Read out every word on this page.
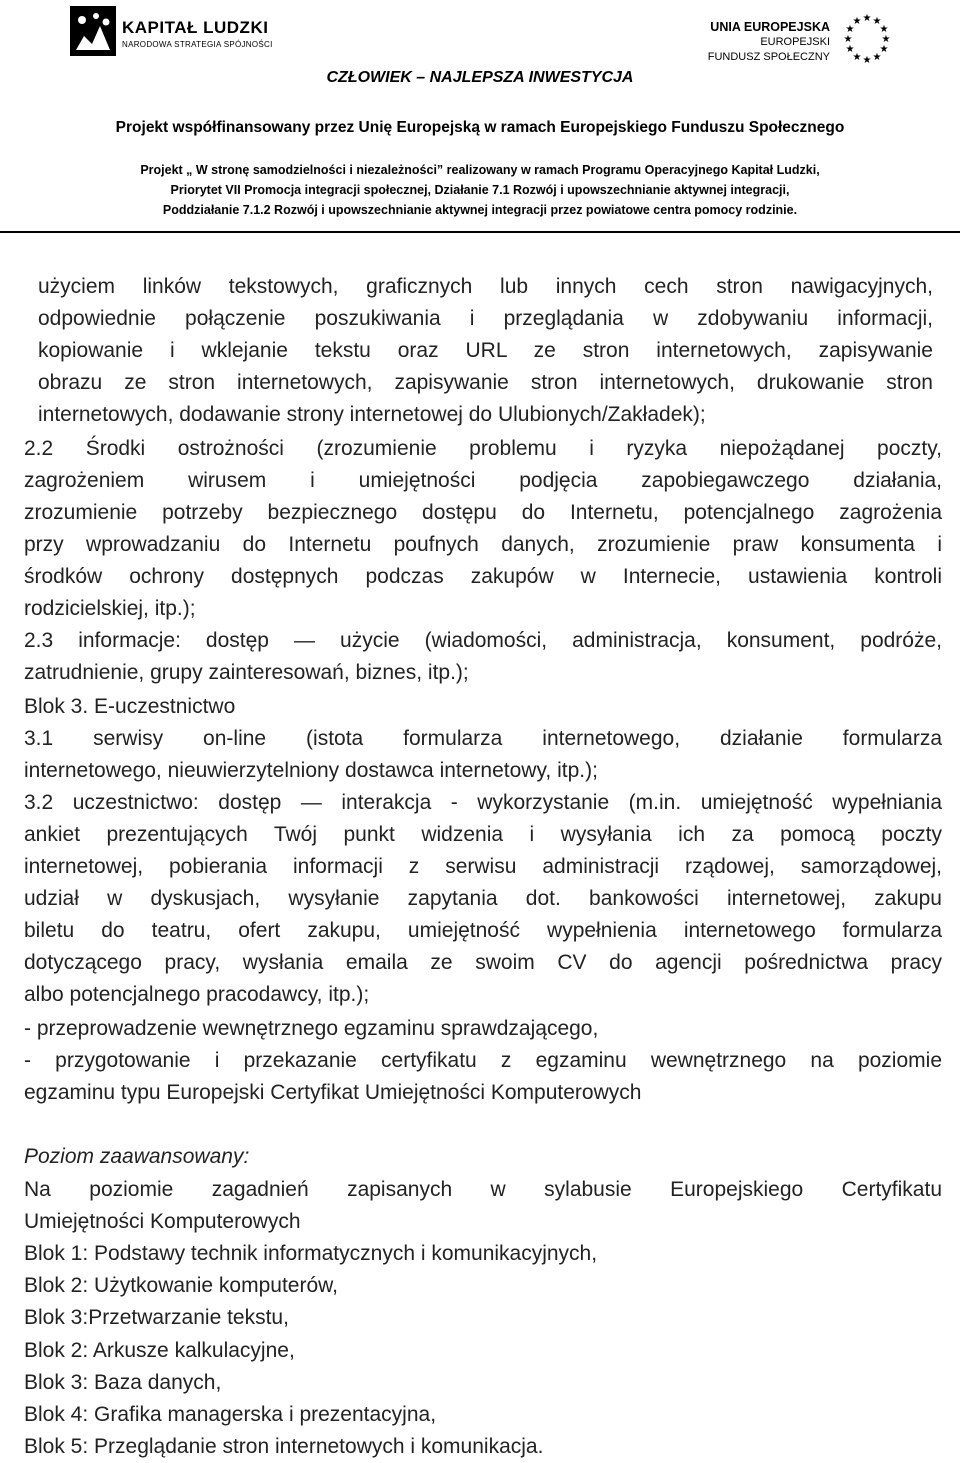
KAPITAŁ LUDZKI
NARODOWA STRATEGIA SPÓJNOŚCI
UNIA EUROPEJSKA
EUROPEJSKI
FUNDUSZ SPOŁECZNY
★ ★
★
★
★
★
★
★
★
★
★
★
CZŁOWIEK – NAJLEPSZA INWESTYCJA
Projekt współfinansowany przez Unię Europejską w ramach Europejskiego Funduszu Społecznego
Projekt „ W stronę samodzielności i niezależności” realizowany w ramach Programu Operacyjnego Kapitał Ludzki,
Priorytet VII Promocja integracji społecznej, Działanie 7.1 Rozwój i upowszechnianie aktywnej integracji,
Poddziałanie 7.1.2 Rozwój i upowszechnianie aktywnej integracji przez powiatowe centra pomocy rodzinie.
użyciem linków tekstowych, graficznych lub innych cech stron nawigacyjnych,
odpowiednie połączenie poszukiwania i przeglądania w zdobywaniu informacji,
kopiowanie i wklejanie tekstu oraz URL ze stron internetowych, zapisywanie
obrazu ze stron internetowych, zapisywanie stron internetowych, drukowanie stron
internetowych, dodawanie strony internetowej do Ulubionych/Zakładek);
2.2 Środki ostrożności (zrozumienie problemu i ryzyka niepożądanej poczty,
zagrożeniem wirusem i umiejętności podjęcia zapobiegawczego działania,
zrozumienie potrzeby bezpiecznego dostępu do Internetu, potencjalnego zagrożenia
przy wprowadzaniu do Internetu poufnych danych, zrozumienie praw konsumenta i
środków ochrony dostępnych podczas zakupów w Internecie, ustawienia kontroli
rodzicielskiej, itp.);
2.3 informacje: dostęp — użycie (wiadomości, administracja, konsument, podróże,
zatrudnienie, grupy zainteresowań, biznes, itp.);
Blok 3. E-uczestnictwo
3.1 serwisy on-line (istota formularza internetowego, działanie formularza
internetowego, nieuwierzytelniony dostawca internetowy, itp.);
3.2 uczestnictwo: dostęp — interakcja - wykorzystanie (m.in. umiejętność wypełniania
ankiet prezentujących Twój punkt widzenia i wysyłania ich za pomocą poczty
internetowej, pobierania informacji z serwisu administracji rządowej, samorządowej,
udział w dyskusjach, wysyłanie zapytania dot. bankowości internetowej, zakupu
biletu do teatru, ofert zakupu, umiejętność wypełnienia internetowego formularza
dotyczącego pracy, wysłania emaila ze swoim CV do agencji pośrednictwa pracy
albo potencjalnego pracodawcy, itp.);
- przeprowadzenie wewnętrznego egzaminu sprawdzającego,
- przygotowanie i przekazanie certyfikatu z egzaminu wewnętrznego na poziomie
egzaminu typu Europejski Certyfikat Umiejętności Komputerowych
Poziom zaawansowany:
Na poziomie zagadnień zapisanych w sylabusie Europejskiego Certyfikatu
Umiejętności Komputerowych
Blok 1: Podstawy technik informatycznych i komunikacyjnych,
Blok 2: Użytkowanie komputerów,
Blok 3:Przetwarzanie tekstu,
Blok 2: Arkusze kalkulacyjne,
Blok 3: Baza danych,
Blok 4: Grafika managerska i prezentacyjna,
Blok 5: Przeglądanie stron internetowych i komunikacja.
